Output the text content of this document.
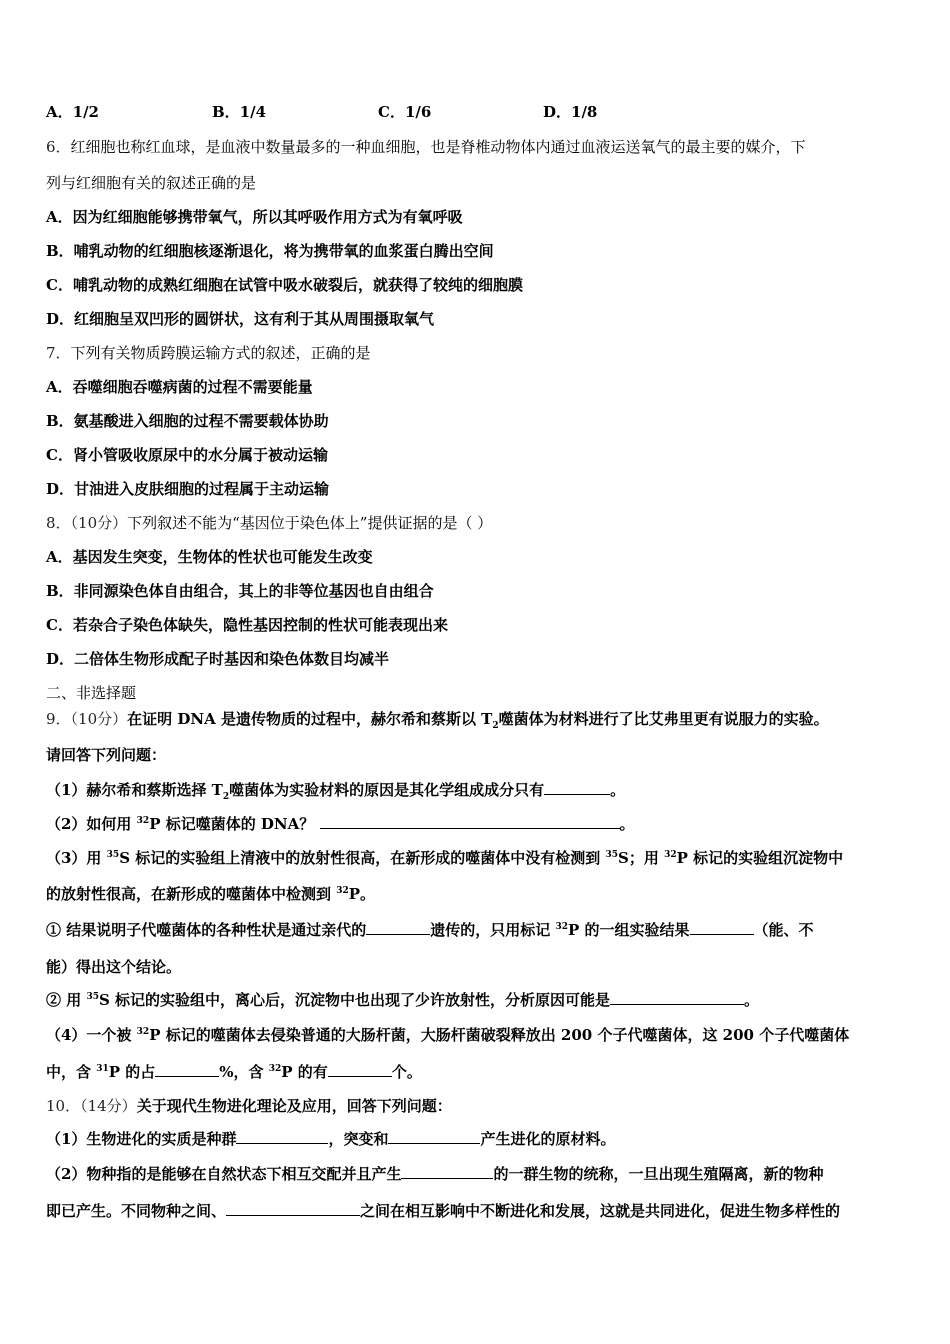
A．1/2	B．1/4	C．1/6	D．1/8
6．红细胞也称红血球，是血液中数量最多的一种血细胞，也是脊椎动物体内通过血液运送氧气的最主要的媒介，下
列与红细胞有关的叙述正确的是
A．因为红细胞能够携带氧气，所以其呼吸作用方式为有氧呼吸
B．哺乳动物的红细胞核逐渐退化，将为携带氧的血浆蛋白腾出空间
C．哺乳动物的成熟红细胞在试管中吸水破裂后，就获得了较纯的细胞膜
D．红细胞呈双凹形的圆饼状，这有利于其从周围摄取氧气
7．下列有关物质跨膜运输方式的叙述，正确的是
A．吞噬细胞吞噬病菌的过程不需要能量
B．氨基酸进入细胞的过程不需要载体协助
C．肾小管吸收原尿中的水分属于被动运输
D．甘油进入皮肤细胞的过程属于主动运输
8．（10分）下列叙述不能为“基因位于染色体上”提供证据的是（ ）
A．基因发生突变，生物体的性状也可能发生改变
B．非同源染色体自由组合，其上的非等位基因也自由组合
C．若杂合子染色体缺失，隐性基因控制的性状可能表现出来
D．二倍体生物形成配子时基因和染色体数目均减半
二、非选择题
9．（10分）在证明 DNA 是遗传物质的过程中，赫尔希和蔡斯以 $T_2$噬菌体为材料进行了比艾弗里更有说服力的实验。
请回答下列问题：
（1）赫尔希和蔡斯选择 $T_2$噬菌体为实验材料的原因是其化学组成成分只有	。
（2）如何用 $^{32}$P 标记噬菌体的 DNA？	。
（3）用 $^{35}$S 标记的实验组上清液中的放射性很高，在新形成的噬菌体中没有检测到 $^{35}$S；用 $^{32}$P 标记的实验组沉淀物中
的放射性很高，在新形成的噬菌体中检测到 $^{32}$P。
① 结果说明子代噬菌体的各种性状是通过亲代的	遗传的，只用标记 $^{32}$P 的一组实验结果	（能、不
能）得出这个结论。
② 用 $^{35}$S 标记的实验组中，离心后，沉淀物中也出现了少许放射性，分析原因可能是	。
（4）一个被 $^{32}$P 标记的噬菌体去侵染普通的大肠杆菌，大肠杆菌破裂释放出 200 个子代噬菌体，这 200 个子代噬菌体
中，含 $^{31}$P 的占	%，含 $^{32}$P 的有	个。
10．（14分）关于现代生物进化理论及应用，回答下列问题：
（1）生物进化的实质是种群	，突变和	产生进化的原材料。
（2）物种指的是能够在自然状态下相互交配并且产生	的一群生物的统称，一旦出现生殖隔离，新的物种
即已产生。不同物种之间、	之间在相互影响中不断进化和发展，这就是共同进化，促进生物多样性的
